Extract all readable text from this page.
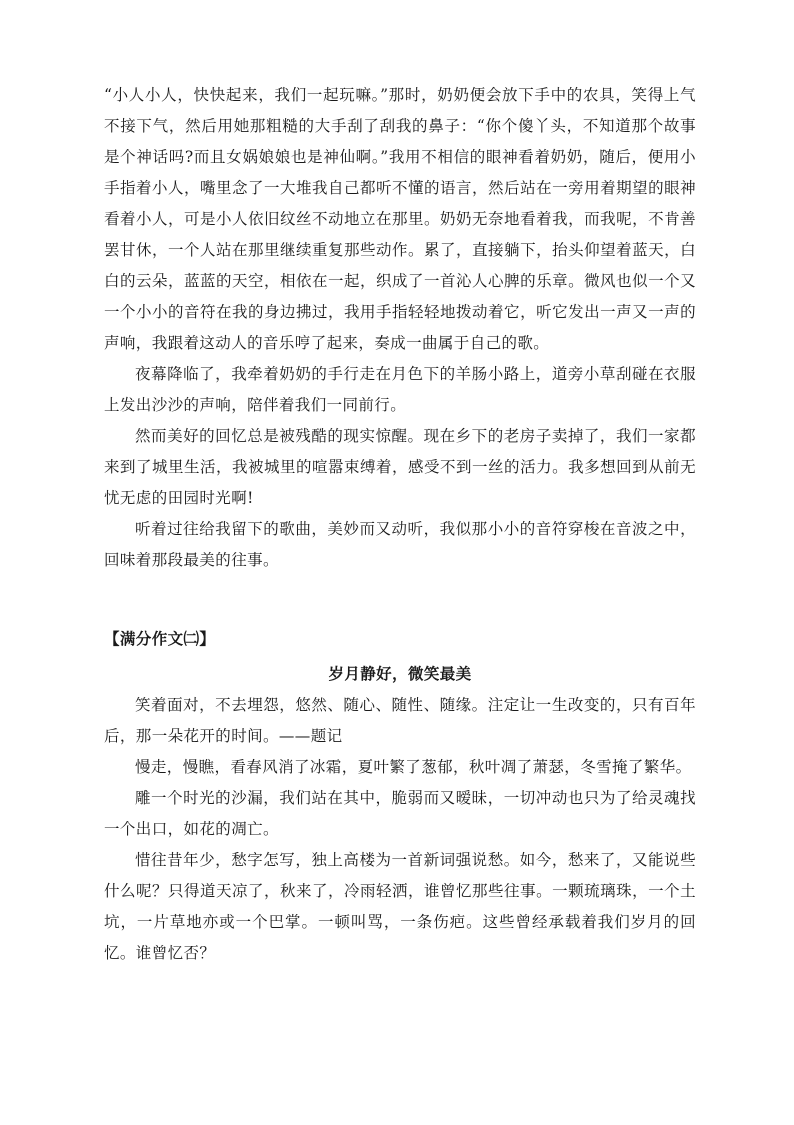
“小人小人，快快起来，我们一起玩嘛。”那时，奶奶便会放下手中的农具，笑得上气不接下气，然后用她那粗糙的大手刮了刮我的鼻子：“你个傻丫头，不知道那个故事是个神话吗?而且女娲娘娘也是神仙啊。”我用不相信的眼神看着奶奶，随后，便用小手指着小人，嘴里念了一大堆我自己都听不懂的语言，然后站在一旁用着期望的眼神看着小人，可是小人依旧纹丝不动地立在那里。奶奶无奈地看着我，而我呢，不肯善罢甘休，一个人站在那里继续重复那些动作。累了，直接躺下，抬头仰望着蓝天，白白的云朵，蓝蓝的天空，相依在一起，织成了一首沁人心脾的乐章。微风也似一个又一个小小的音符在我的身边拂过，我用手指轻轻地拨动着它，听它发出一声又一声的声响，我跟着这动人的音乐哼了起来，奏成一曲属于自己的歌。

夜幕降临了，我牵着奶奶的手行走在月色下的羊肠小路上，道旁小草刮碰在衣服上发出沙沙的声响，陪伴着我们一同前行。

然而美好的回忆总是被残酷的现实惊醒。现在乡下的老房子卖掉了，我们一家都来到了城里生活，我被城里的喧嚣束缚着，感受不到一丝的活力。我多想回到从前无忧无虑的田园时光啊!

听着过往给我留下的歌曲，美妙而又动听，我似那小小的音符穿梭在音波之中，回味着那段最美的往事。

【满分作文㈡】

岁月静好，微笑最美

笑着面对，不去埋怨，悠然、随心、随性、随缘。注定让一生改变的，只有百年后，那一朵花开的时间。——题记

慢走，慢瞧，看春风消了冰霜，夏叶繁了葱郁，秋叶凋了萧瑟，冬雪掩了繁华。

雕一个时光的沙漏，我们站在其中，脆弱而又暧昧，一切冲动也只为了给灵魂找一个出口，如花的凋亡。

惜往昔年少，愁字怎写，独上高楼为一首新词强说愁。如今，愁来了，又能说些什么呢？只得道天凉了，秋来了，冷雨轻洒，谁曾忆那些往事。一颗琉璃珠，一个土坑，一片草地亦或一个巴掌。一顿叫骂，一条伤疤。这些曾经承载着我们岁月的回忆。谁曾忆否？
